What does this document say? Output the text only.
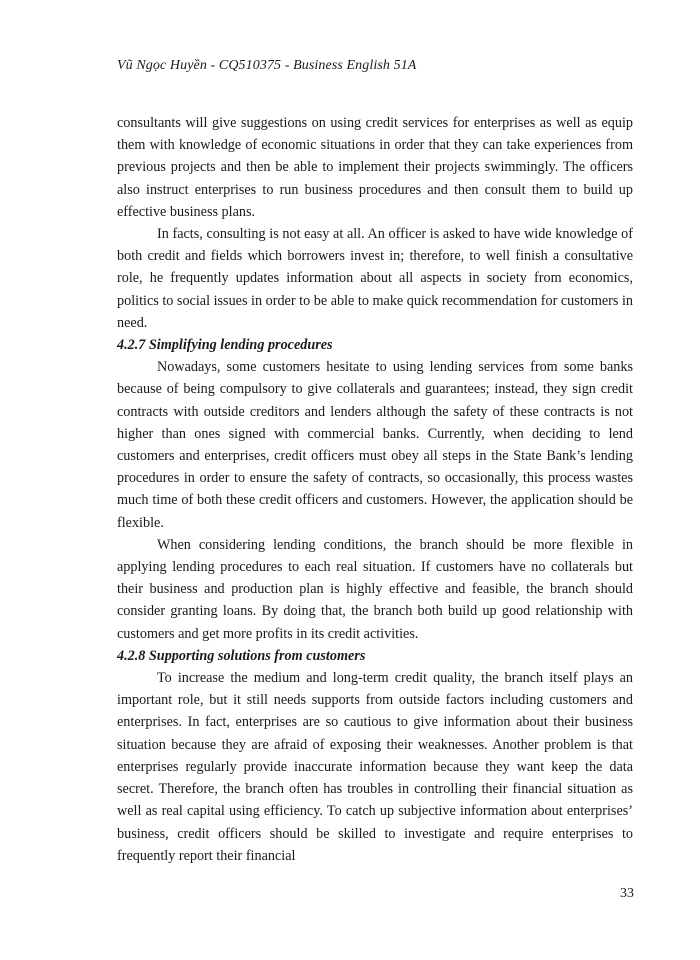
Vũ Ngọc Huyền - CQ510375 - Business English 51A

consultants will give suggestions on using credit services for enterprises as well as equip them with knowledge of economic situations in order that they can take experiences from previous projects and then be able to implement their projects swimmingly. The officers also instruct enterprises to run business procedures and then consult them to build up effective business plans.

In facts, consulting is not easy at all. An officer is asked to have wide knowledge of both credit and fields which borrowers invest in; therefore, to well finish a consultative role, he frequently updates information about all aspects in society from economics, politics to social issues in order to be able to make quick recommendation for customers in need.

4.2.7 Simplifying lending procedures

Nowadays, some customers hesitate to using lending services from some banks because of being compulsory to give collaterals and guarantees; instead, they sign credit contracts with outside creditors and lenders although the safety of these contracts is not higher than ones signed with commercial banks. Currently, when deciding to lend customers and enterprises, credit officers must obey all steps in the State Bank’s lending procedures in order to ensure the safety of contracts, so occasionally, this process wastes much time of both these credit officers and customers. However, the application should be flexible.

When considering lending conditions, the branch should be more flexible in applying lending procedures to each real situation. If customers have no collaterals but their business and production plan is highly effective and feasible, the branch should consider granting loans. By doing that, the branch both build up good relationship with customers and get more profits in its credit activities.

4.2.8 Supporting solutions from customers

To increase the medium and long-term credit quality, the branch itself plays an important role, but it still needs supports from outside factors including customers and enterprises. In fact, enterprises are so cautious to give information about their business situation because they are afraid of exposing their weaknesses. Another problem is that enterprises regularly provide inaccurate information because they want keep the data secret. Therefore, the branch often has troubles in controlling their financial situation as well as real capital using efficiency. To catch up subjective information about enterprises’ business, credit officers should be skilled to investigate and require enterprises to frequently report their financial

33
